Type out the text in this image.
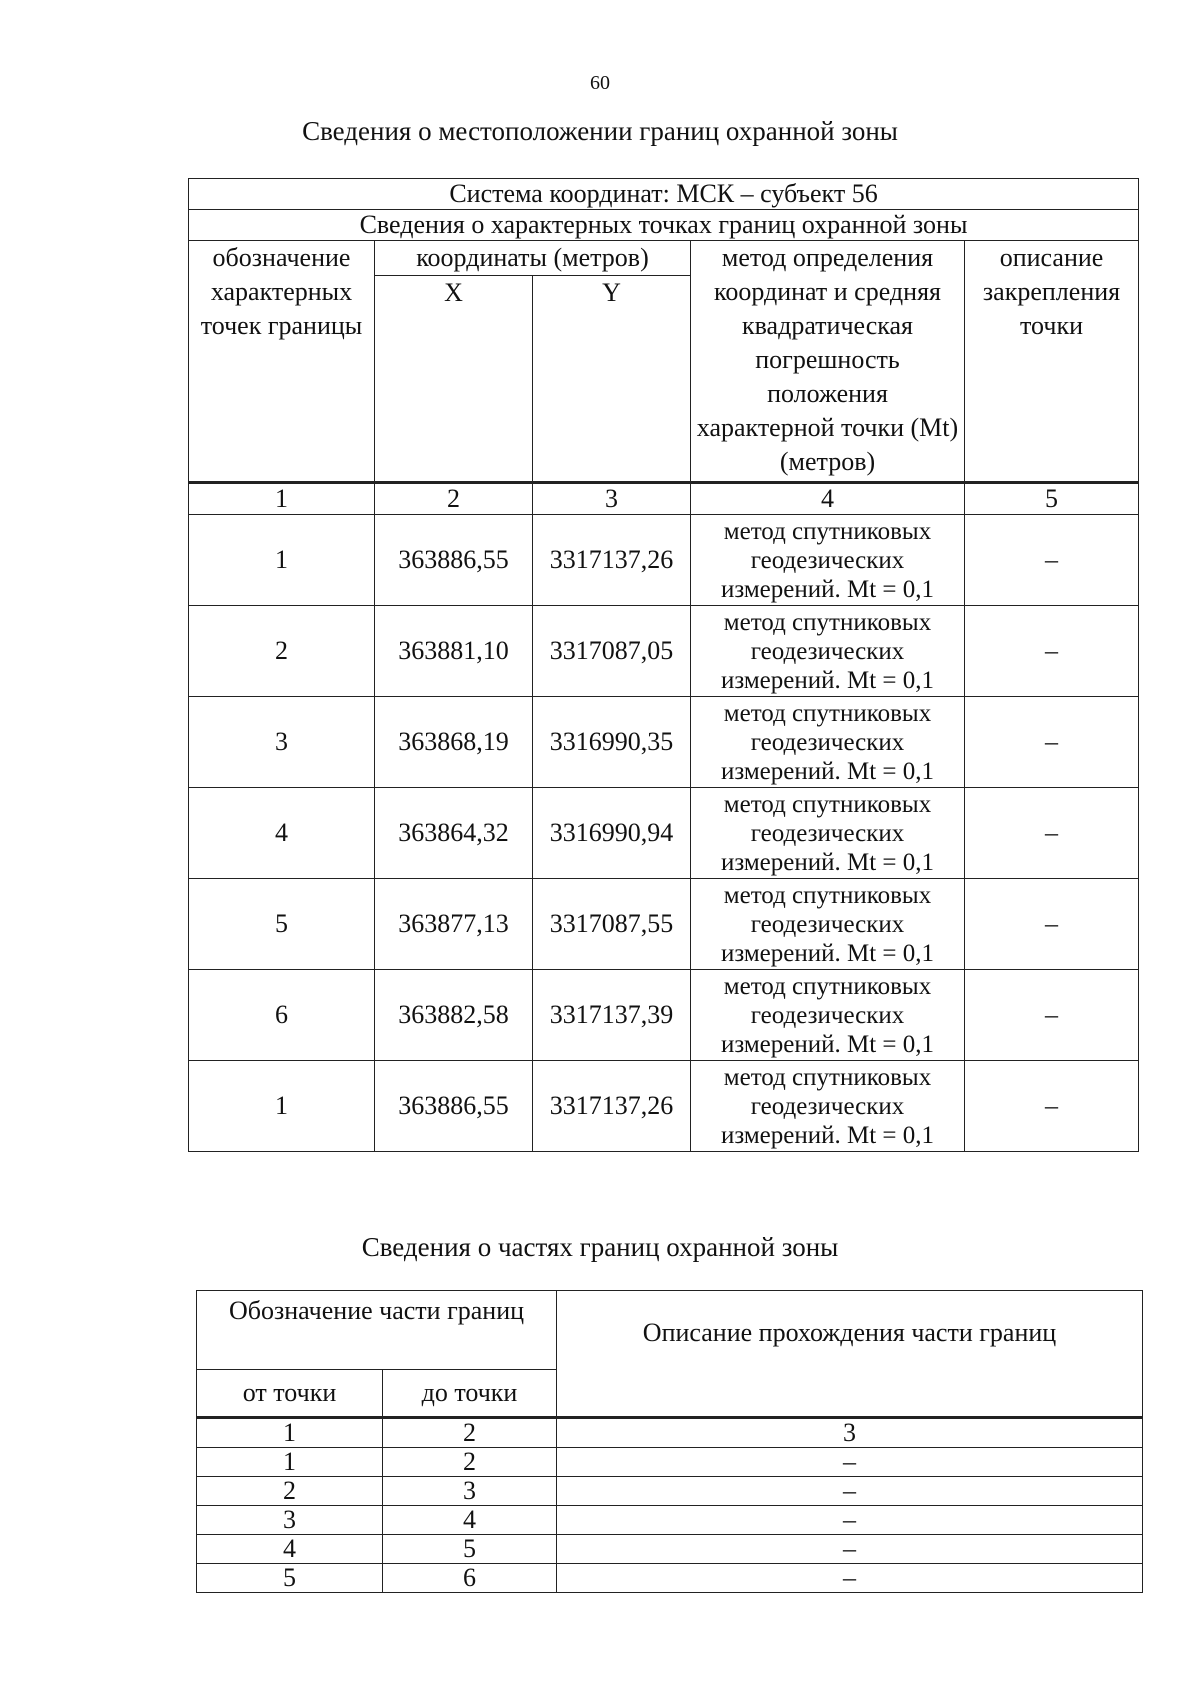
60
Сведения о местоположении границ охранной зоны
Система координат: МСК – субъект 56				
Сведения о характерных точках границ охранной зоны				
обозначение характерных точек границы	координаты (метров)		метод определения координат и средняя квадратическая погрешность положения характерной точки (Mt) (метров)	описание закрепления точки
	X	Y		
1	2	3	4	5
1	363886,55	3317137,26	метод спутниковых геодезических измерений. Mt = 0,1	–
2	363881,10	3317087,05	метод спутниковых геодезических измерений. Mt = 0,1	–
3	363868,19	3316990,35	метод спутниковых геодезических измерений. Mt = 0,1	–
4	363864,32	3316990,94	метод спутниковых геодезических измерений. Mt = 0,1	–
5	363877,13	3317087,55	метод спутниковых геодезических измерений. Mt = 0,1	–
6	363882,58	3317137,39	метод спутниковых геодезических измерений. Mt = 0,1	–
1	363886,55	3317137,26	метод спутниковых геодезических измерений. Mt = 0,1	–
Сведения о частях границ охранной зоны
Обозначение части границ		Описание прохождения части границ
от точки	до точки	
1	2	3
1	2	–
2	3	–
3	4	–
4	5	–
5	6	–
